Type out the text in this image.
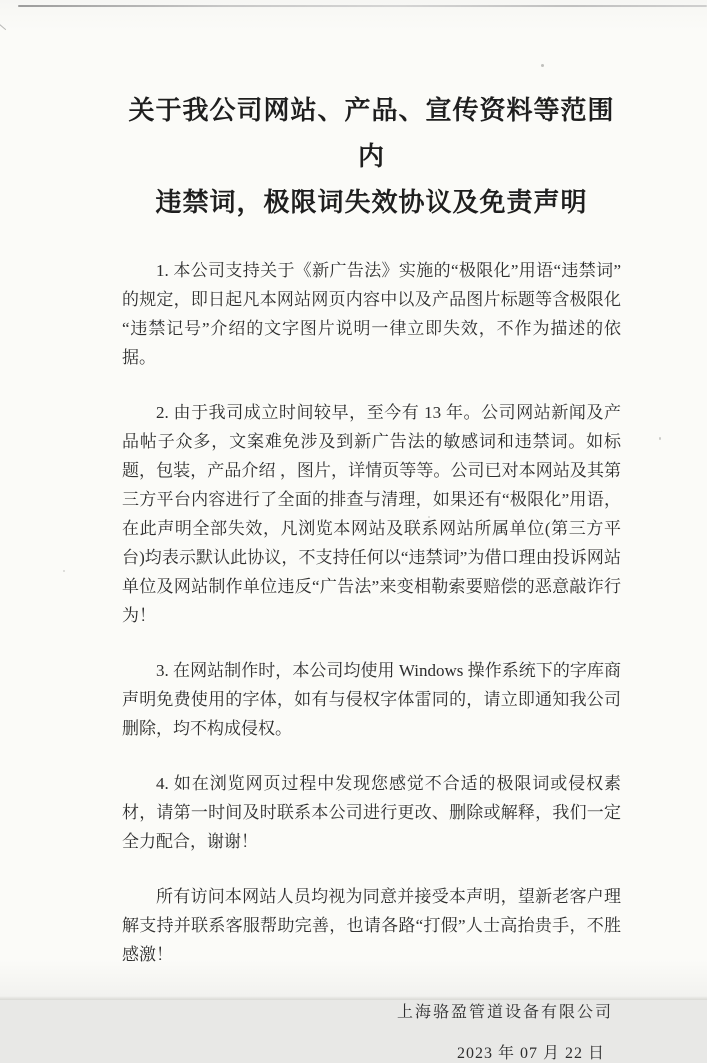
关于我公司网站、产品、宣传资料等范围内
违禁词，极限词失效协议及免责声明

1. 本公司支持关于《新广告法》实施的“极限化”用语“违禁词”的规定，即日起凡本网站网页内容中以及产品图片标题等含极限化“违禁记号”介绍的文字图片说明一律立即失效，不作为描述的依据。

2. 由于我司成立时间较早，至今有 13 年。公司网站新闻及产品帖子众多，文案难免涉及到新广告法的敏感词和违禁词。如标题，包装，产品介绍 ，图片，详情页等等。公司已对本网站及其第三方平台内容进行了全面的排查与清理，如果还有“极限化”用语，在此声明全部失效，凡浏览本网站及联系网站所属单位(第三方平台)均表示默认此协议，不支持任何以“违禁词”为借口理由投诉网站单位及网站制作单位违反“广告法”来变相勒索要赔偿的恶意敲诈行为！

3. 在网站制作时，本公司均使用 Windows 操作系统下的字库商声明免费使用的字体，如有与侵权字体雷同的，请立即通知我公司删除，均不构成侵权。

4. 如在浏览网页过程中发现您感觉不合适的极限词或侵权素材，请第一时间及时联系本公司进行更改、删除或解释，我们一定全力配合，谢谢！

所有访问本网站人员均视为同意并接受本声明，望新老客户理解支持并联系客服帮助完善，也请各路“打假”人士高抬贵手，不胜感激！

上海骆盈管道设备有限公司
2023 年 07 月 22 日
